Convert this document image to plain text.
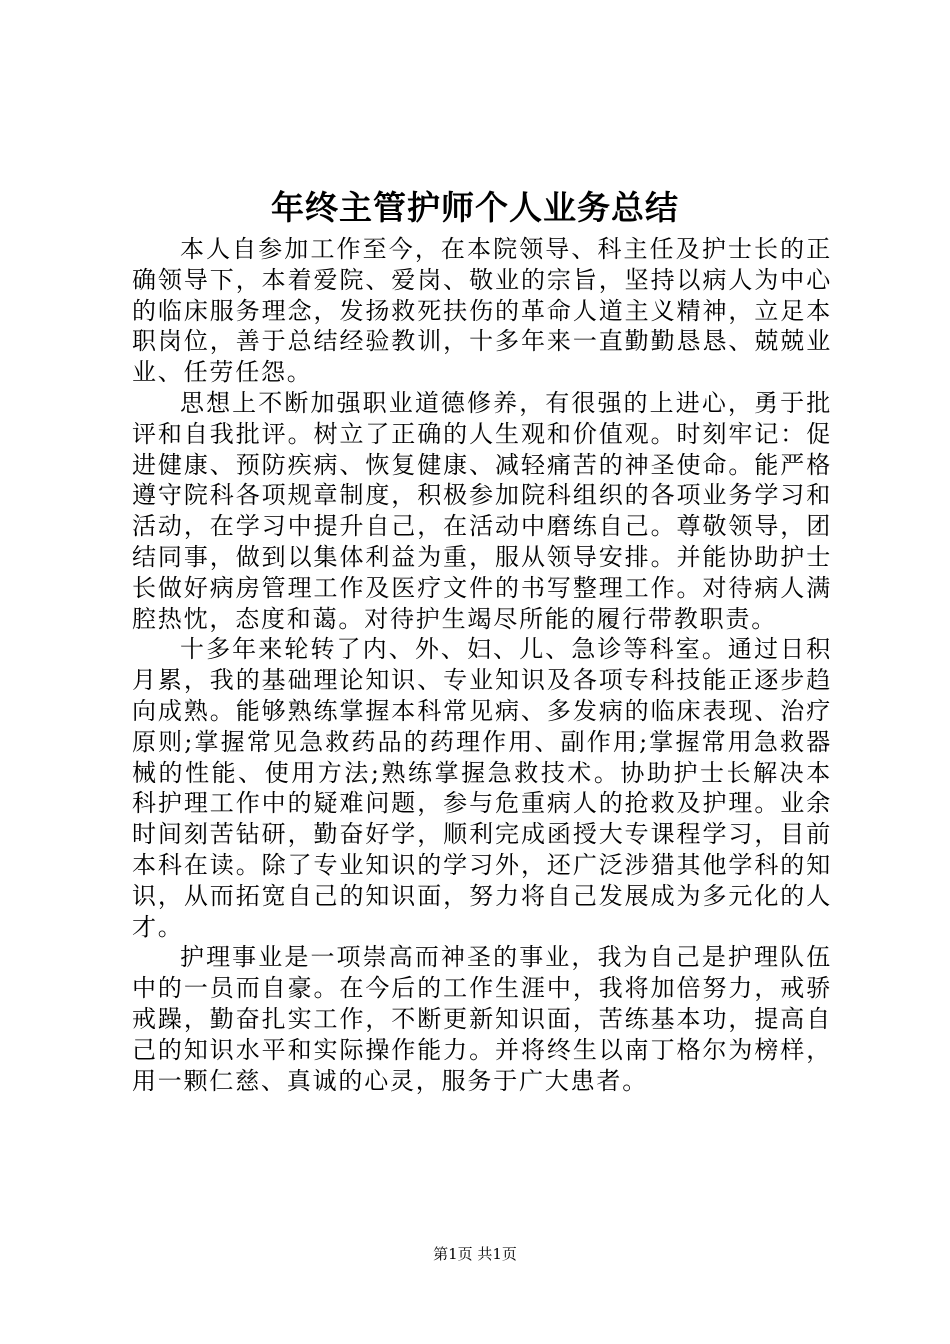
年终主管护师个人业务总结

本人自参加工作至今，在本院领导、科主任及护士长的正确领导下，本着爱院、爱岗、敬业的宗旨，坚持以病人为中心的临床服务理念，发扬救死扶伤的革命人道主义精神，立足本职岗位，善于总结经验教训，十多年来一直勤勤恳恳、兢兢业业、任劳任怨。

思想上不断加强职业道德修养，有很强的上进心，勇于批评和自我批评。树立了正确的人生观和价值观。时刻牢记：促进健康、预防疾病、恢复健康、减轻痛苦的神圣使命。能严格遵守院科各项规章制度，积极参加院科组织的各项业务学习和活动，在学习中提升自己，在活动中磨练自己。尊敬领导，团结同事，做到以集体利益为重，服从领导安排。并能协助护士长做好病房管理工作及医疗文件的书写整理工作。对待病人满腔热忱，态度和蔼。对待护生竭尽所能的履行带教职责。

十多年来轮转了内、外、妇、儿、急诊等科室。通过日积月累，我的基础理论知识、专业知识及各项专科技能正逐步趋向成熟。能够熟练掌握本科常见病、多发病的临床表现、治疗原则;掌握常见急救药品的药理作用、副作用;掌握常用急救器械的性能、使用方法;熟练掌握急救技术。协助护士长解决本科护理工作中的疑难问题，参与危重病人的抢救及护理。业余时间刻苦钻研，勤奋好学，顺利完成函授大专课程学习，目前本科在读。除了专业知识的学习外，还广泛涉猎其他学科的知识，从而拓宽自己的知识面，努力将自己发展成为多元化的人才。

护理事业是一项崇高而神圣的事业，我为自己是护理队伍中的一员而自豪。在今后的工作生涯中，我将加倍努力，戒骄戒躁，勤奋扎实工作，不断更新知识面，苦练基本功，提高自己的知识水平和实际操作能力。并将终生以南丁格尔为榜样，用一颗仁慈、真诚的心灵，服务于广大患者。

第1页 共1页
